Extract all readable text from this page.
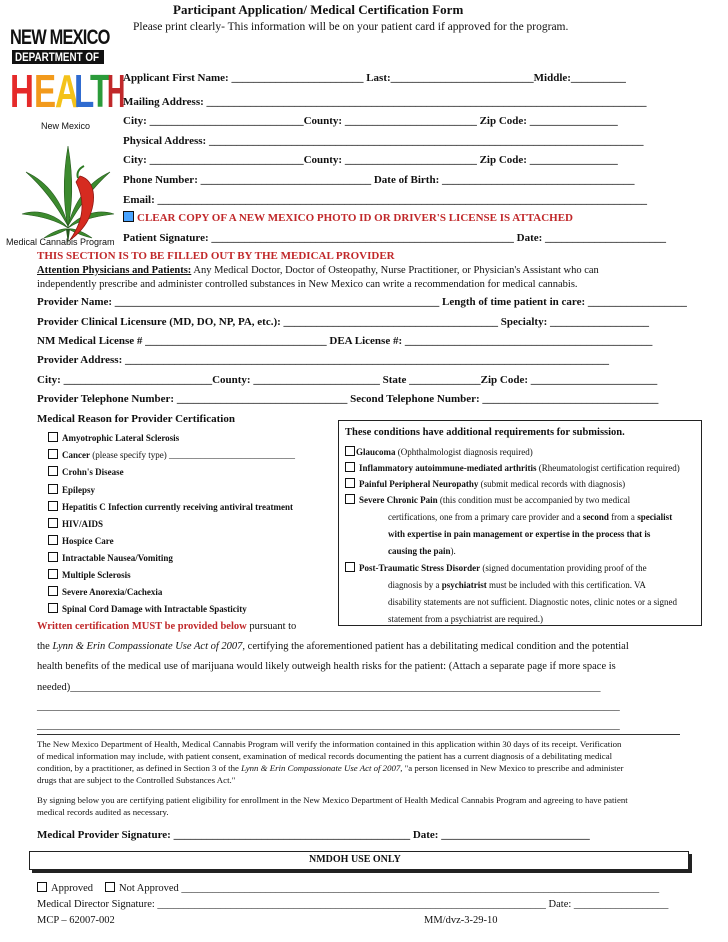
NEW MEXICO
DEPARTMENT OF
H E
A
L
T
H
New Mexico
Medical Cannabis Program
Participant Application/ Medical Certification Form
Please print clearly- This information will be on your patient card if approved for the program.
Applicant First Name: ________________________ Last:__________________________Middle:__________
Mailing Address: ________________________________________________________________________________
City: ____________________________County: ________________________ Zip Code: ________________
Physical Address: _______________________________________________________________________________
City: ____________________________County: ________________________ Zip Code: ________________
Phone Number: _______________________________ Date of Birth: ___________________________________
Email: _________________________________________________________________________________________
CLEAR COPY OF A NEW MEXICO PHOTO ID OR DRIVER'S LICENSE IS ATTACHED
Patient Signature: _______________________________________________________ Date: ______________________
THIS SECTION IS TO BE FILLED OUT BY THE MEDICAL PROVIDER
Attention Physicians and Patients: Any Medical Doctor, Doctor of Osteopathy, Nurse Practitioner, or Physician's Assistant who can
independently prescribe and administer controlled substances in New Mexico can write a recommendation for medical cannabis.
Provider Name: ___________________________________________________________ Length of time patient in care: __________________
Provider Clinical Licensure (MD, DO, NP, PA, etc.): _______________________________________ Specialty: __________________
NM Medical License # _________________________________ DEA License #: _____________________________________________
Provider Address: ________________________________________________________________________________________
City: ___________________________County: _______________________ State _____________Zip Code: _______________________
Provider Telephone Number: _______________________________ Second Telephone Number: ________________________________
Medical Reason for Provider Certification
Amyotrophic Lateral Sclerosis
Cancer (please specify type) ____________________________
Crohn's Disease
Epilepsy
Hepatitis C Infection currently receiving antiviral treatment
HIV/AIDS
Hospice Care
Intractable Nausea/Vomiting
Multiple Sclerosis
Severe Anorexia/Cachexia
Spinal Cord Damage with Intractable Spasticity
These conditions have additional requirements for submission.
Glaucoma (Ophthalmologist diagnosis required)
Inflammatory autoimmune-mediated arthritis (Rheumatologist certification required)
Painful Peripheral Neuropathy (submit medical records with diagnosis)
Severe Chronic Pain (this condition must be accompanied by two medical
certifications, one from a primary care provider and a second from a specialist
with expertise in pain management or expertise in the process that is
causing the pain).
Post-Traumatic Stress Disorder (signed documentation providing proof of the
diagnosis by a psychiatrist must be included with this certification. VA
disability statements are not sufficient. Diagnostic notes, clinic notes or a signed
statement from a psychiatrist are required.)
Written certification MUST be provided below pursuant to
the Lynn & Erin Compassionate Use Act of 2007, certifying the aforementioned patient has a debilitating medical condition and the potential
health benefits of the medical use of marijuana would likely outweigh health risks for the patient: (Attach a separate page if more space is
needed)_____________________________________________________________________________________________________
_______________________________________________________________________________________________________________
_______________________________________________________________________________________________________________
The New Mexico Department of Health, Medical Cannabis Program will verify the information contained in this application within 30 days of its receipt. Verification
of medical information may include, with patient consent, examination of medical records documenting the patient has a current diagnosis of a debilitating medical
condition, by a practitioner, as defined in Section 3 of the Lynn & Erin Compassionate Use Act of 2007, "a person licensed in New Mexico to prescribe and administer
drugs that are subject to the Controlled Substances Act."
By signing below you are certifying patient eligibility for enrollment in the New Mexico Department of Health Medical Cannabis Program and agreeing to have patient
medical records audited as necessary.
Medical Provider Signature: ___________________________________________ Date: ___________________________
NMDOH USE ONLY
Approved	Not Approved ___________________________________________________________________________________________
Medical Director Signature: __________________________________________________________________________ Date: __________________
MCP – 62007-002	MM/dvz-3-29-10
